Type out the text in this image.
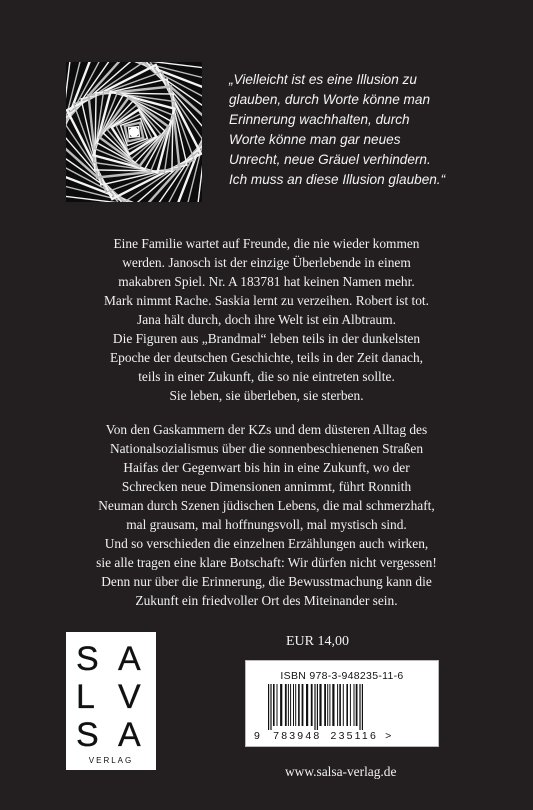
„Vielleicht ist es eine Illusion zu
glauben, durch Worte könne man
Erinnerung wachhalten, durch
Worte könne man gar neues
Unrecht, neue Gräuel verhindern.
Ich muss an diese Illusion glauben.“
Eine Familie wartet auf Freunde, die nie wieder kommen
werden. Janosch ist der einzige Überlebende in einem
makabren Spiel. Nr. A 183781 hat keinen Namen mehr.
Mark nimmt Rache. Saskia lernt zu verzeihen. Robert ist tot.
Jana hält durch, doch ihre Welt ist ein Albtraum.
Die Figuren aus „Brandmal“ leben teils in der dunkelsten
Epoche der deutschen Geschichte, teils in der Zeit danach,
teils in einer Zukunft, die so nie eintreten sollte.
Sie leben, sie überleben, sie sterben.
Von den Gaskammern der KZs und dem düsteren Alltag des
Nationalsozialismus über die sonnenbeschienenen Straßen
Haifas der Gegenwart bis hin in eine Zukunft, wo der
Schrecken neue Dimensionen annimmt, führt Ronnith
Neuman durch Szenen jüdischen Lebens, die mal schmerzhaft,
mal grausam, mal hoffnungsvoll, mal mystisch sind.
Und so verschieden die einzelnen Erzählungen auch wirken,
sie alle tragen eine klare Botschaft: Wir dürfen nicht vergessen!
Denn nur über die Erinnerung, die Bewusstmachung kann die
Zukunft ein friedvoller Ort des Miteinander sein.
S A
L V
S A
VERLAG
EUR 14,00
ISBN 978-3-948235-11-6
9 783948 235116 >
www.salsa-verlag.de
